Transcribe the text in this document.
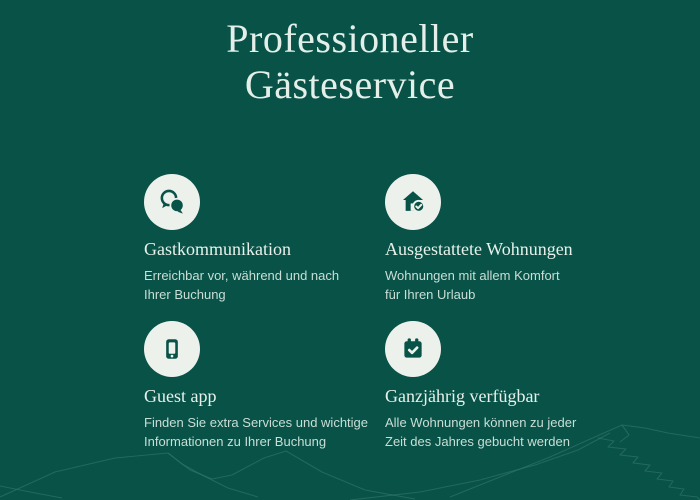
Professioneller
Gästeservice
Gastkommunikation
Erreichbar vor, während und nach
Ihrer Buchung
Ausgestattete Wohnungen
Wohnungen mit allem Komfort
für Ihren Urlaub
Guest app
Finden Sie extra Services und wichtige
Informationen zu Ihrer Buchung
Ganzjährig verfügbar
Alle Wohnungen können zu jeder
Zeit des Jahres gebucht werden
